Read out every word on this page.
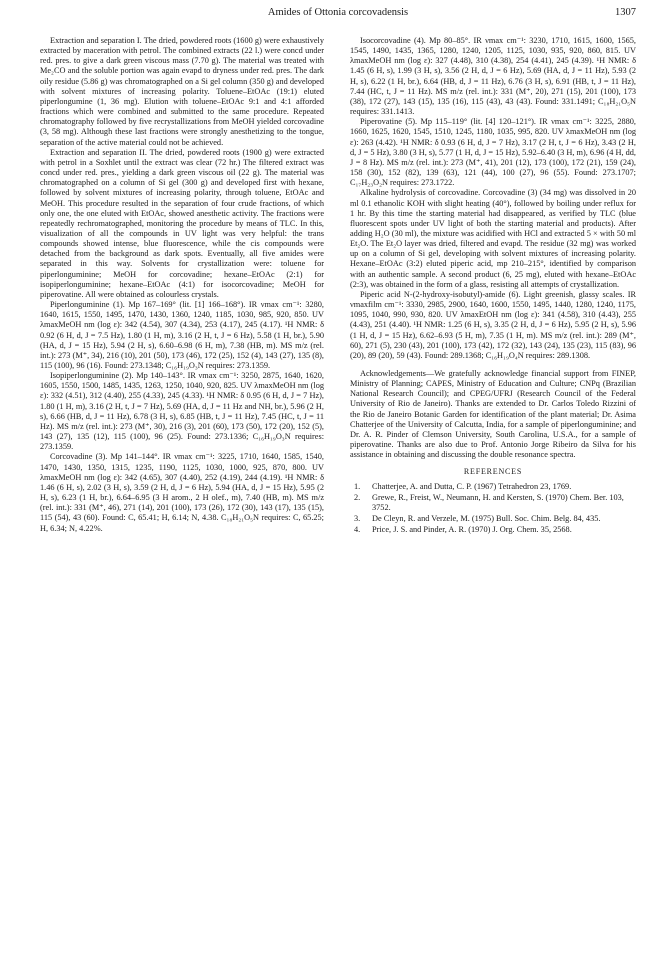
Amides of Ottonia corcovadensis	1307

Extraction and separation I. The dried, powdered roots (1600 g) were exhaustively extracted by maceration with petrol. The combined extracts (22 l.) were concd under red. pres. to give a dark green viscous mass (7.70 g). The material was treated with Me₂CO and the soluble portion was again evapd to dryness under red. pres. The dark oily residue (5.86 g) was chromatographed on a Si gel column (350 g) and developed with solvent mixtures of increasing polarity. Toluene–EtOAc (19:1) eluted piperlongumine (1, 36 mg). Elution with toluene–EtOAc 9:1 and 4:1 afforded fractions which were combined and submitted to the same procedure. Repeated chromatography followed by five recrystallizations from MeOH yielded corcovadine (3, 58 mg). Although these last fractions were strongly anesthetizing to the tongue, separation of the active material could not be achieved.

Extraction and separation II. The dried, powdered roots (1900 g) were extracted with petrol in a Soxhlet until the extract was clear (72 hr.) The filtered extract was concd under red. pres., yielding a dark green viscous oil (22 g). The material was chromatographed on a column of Si gel (300 g) and developed first with hexane, followed by solvent mixtures of increasing polarity, through toluene, EtOAc and MeOH. This procedure resulted in the separation of four crude fractions, of which only one, the one eluted with EtOAc, showed anesthetic activity. The fractions were repeatedly rechromatographed, monitoring the procedure by means of TLC. In this, visualization of all the compounds in UV light was very helpful: the trans compounds showed intense, blue fluorescence, while the cis compounds were detached from the background as dark spots. Eventually, all five amides were separated in this way. Solvents for crystallization were: toluene for piperlonguminine; MeOH for corcovadine; hexane–EtOAc (2:1) for isopiperlonguminine; hexane–EtOAc (4:1) for isocorcovadine; MeOH for piperovatine. All were obtained as colourless crystals.

Piperlonguminine (1). Mp 167–169° (lit. [1] 166–168°). IR νmax cm⁻¹: 3280, 1640, 1615, 1550, 1495, 1470, 1430, 1360, 1240, 1185, 1030, 985, 920, 850. UV λmaxMeOH nm (log ε): 342 (4.54), 307 (4.34), 253 (4.17), 245 (4.17). ¹H NMR: δ 0.92 (6 H, d, J = 7.5 Hz), 1.80 (1 H, m), 3.16 (2 H, t, J = 6 Hz), 5.58 (1 H, br.), 5.90 (HA, d, J = 15 Hz), 5.94 (2 H, s), 6.60–6.98 (6 H, m), 7.38 (HB, m). MS m/z (rel. int.): 273 (M⁺, 34), 216 (10), 201 (50), 173 (46), 172 (25), 152 (4), 143 (27), 135 (8), 115 (100), 96 (16). Found: 273.1348; C₁₆H₁₉O₃N requires: 273.1359.

Isopiperlonguminine (2). Mp 140–143°. IR νmax cm⁻¹: 3250, 2875, 1640, 1620, 1605, 1550, 1500, 1485, 1435, 1263, 1250, 1040, 920, 825. UV λmaxMeOH nm (log ε): 332 (4.51), 312 (4.40), 255 (4.33), 245 (4.33). ¹H NMR: δ 0.95 (6 H, d, J = 7 Hz), 1.80 (1 H, m), 3.16 (2 H, t, J = 7 Hz), 5.69 (HA, d, J = 11 Hz and NH, br.), 5.96 (2 H, s), 6.66 (HB, d, J = 11 Hz), 6.78 (3 H, s), 6.85 (HB, t, J = 11 Hz), 7.45 (HC, t, J = 11 Hz). MS m/z (rel. int.): 273 (M⁺, 30), 216 (3), 201 (60), 173 (50), 172 (20), 152 (5), 143 (27), 135 (12), 115 (100), 96 (25). Found: 273.1336; C₁₆H₁₉O₃N requires: 273.1359.

Corcovadine (3). Mp 141–144°. IR νmax cm⁻¹: 3225, 1710, 1640, 1585, 1540, 1470, 1430, 1350, 1315, 1235, 1190, 1125, 1030, 1000, 925, 870, 800. UV λmaxMeOH nm (log ε): 342 (4.65), 307 (4.40), 252 (4.19), 244 (4.19). ¹H NMR: δ 1.46 (6 H, s), 2.02 (3 H, s), 3.59 (2 H, d, J = 6 Hz), 5.94 (HA, d, J = 15 Hz), 5.95 (2 H, s), 6.23 (1 H, br.), 6.64–6.95 (3 H arom., 2 H olef., m), 7.40 (HB, m). MS m/z (rel. int.): 331 (M⁺, 46), 271 (14), 201 (100), 173 (26), 172 (30), 143 (17), 135 (15), 115 (54), 43 (60). Found: C, 65.41; H, 6.14; N, 4.38. C₁₈H₂₁O₅N requires: C, 65.25; H, 6.34; N, 4.22%.

Isocorcovadine (4). Mp 80–85°. IR νmax cm⁻¹: 3230, 1710, 1615, 1600, 1565, 1545, 1490, 1435, 1365, 1280, 1240, 1205, 1125, 1030, 935, 920, 860, 815. UV λmaxMeOH nm (log ε): 327 (4.48), 310 (4.38), 254 (4.41), 245 (4.39). ¹H NMR: δ 1.45 (6 H, s), 1.99 (3 H, s), 3.56 (2 H, d, J = 6 Hz), 5.69 (HA, d, J = 11 Hz), 5.93 (2 H, s), 6.22 (1 H, br.), 6.64 (HB, d, J = 11 Hz), 6.76 (3 H, s), 6.91 (HB, t, J = 11 Hz), 7.44 (HC, t, J = 11 Hz). MS m/z (rel. int.): 331 (M⁺, 20), 271 (15), 201 (100), 173 (38), 172 (27), 143 (15), 135 (16), 115 (43), 43 (43). Found: 331.1491; C₁₈H₂₁O₅N requires: 331.1413.

Piperovatine (5). Mp 115–119° (lit. [4] 120–121°). IR νmax cm⁻¹: 3225, 2880, 1660, 1625, 1620, 1545, 1510, 1245, 1180, 1035, 995, 820. UV λmaxMeOH nm (log ε): 263 (4.42). ¹H NMR: δ 0.93 (6 H, d, J = 7 Hz), 3.17 (2 H, t, J = 6 Hz), 3.43 (2 H, d, J = 5 Hz), 3.80 (3 H, s), 5.77 (1 H, d, J = 15 Hz), 5.92–6.40 (3 H, m), 6.96 (4 H, dd, J = 8 Hz). MS m/z (rel. int.): 273 (M⁺, 41), 201 (12), 173 (100), 172 (21), 159 (24), 158 (30), 152 (82), 139 (63), 121 (44), 100 (27), 96 (55). Found: 273.1707; C₁₇H₂₃O₂N requires: 273.1722.

Alkaline hydrolysis of corcovadine. Corcovadine (3) (34 mg) was dissolved in 20 ml 0.1 ethanolic KOH with slight heating (40°), followed by boiling under reflux for 1 hr. By this time the starting material had disappeared, as verified by TLC (blue fluorescent spots under UV light of both the starting material and products). After adding H₂O (30 ml), the mixture was acidified with HCl and extracted 5 × with 50 ml Et₂O. The Et₂O layer was dried, filtered and evapd. The residue (32 mg) was worked up on a column of Si gel, developing with solvent mixtures of increasing polarity. Hexane–EtOAc (3:2) eluted piperic acid, mp 210–215°, identified by comparison with an authentic sample. A second product (6, 25 mg), eluted with hexane–EtOAc (2:3), was obtained in the form of a glass, resisting all attempts of crystallization.

Piperic acid N-(2-hydroxy-isobutyl)-amide (6). Light greenish, glassy scales. IR νmaxfilm cm⁻¹: 3330, 2985, 2900, 1640, 1600, 1550, 1495, 1440, 1280, 1240, 1175, 1095, 1040, 990, 930, 820. UV λmaxEtOH nm (log ε): 341 (4.58), 310 (4.43), 255 (4.43), 251 (4.40). ¹H NMR: 1.25 (6 H, s), 3.35 (2 H, d, J = 6 Hz), 5.95 (2 H, s), 5.96 (1 H, d, J = 15 Hz), 6.62–6.93 (5 H, m), 7.35 (1 H, m). MS m/z (rel. int.): 289 (M⁺, 60), 271 (5), 230 (43), 201 (100), 173 (42), 172 (32), 143 (24), 135 (23), 115 (83), 96 (20), 89 (20), 59 (43). Found: 289.1368; C₁₆H₁₉O₄N requires: 289.1308.

Acknowledgements—We gratefully acknowledge financial support from FINEP, Ministry of Planning; CAPES, Ministry of Education and Culture; CNPq (Brazilian National Research Council); and CPEG/UFRJ (Research Council of the Federal University of Rio de Janeiro). Thanks are extended to Dr. Carlos Toledo Rizzini of the Rio de Janeiro Botanic Garden for identification of the plant material; Dr. Asima Chatterjee of the University of Calcutta, India, for a sample of piperlonguminine; and Dr. A. R. Pinder of Clemson University, South Carolina, U.S.A., for a sample of piperovatine. Thanks are also due to Prof. Antonio Jorge Ribeiro da Silva for his assistance in obtaining and discussing the double resonance spectra.

REFERENCES
1. Chatterjee, A. and Dutta, C. P. (1967) Tetrahedron 23, 1769.
2. Grewe, R., Freist, W., Neumann, H. and Kersten, S. (1970) Chem. Ber. 103, 3752.
3. De Cleyn, R. and Verzele, M. (1975) Bull. Soc. Chim. Belg. 84, 435.
4. Price, J. S. and Pinder, A. R. (1970) J. Org. Chem. 35, 2568.
